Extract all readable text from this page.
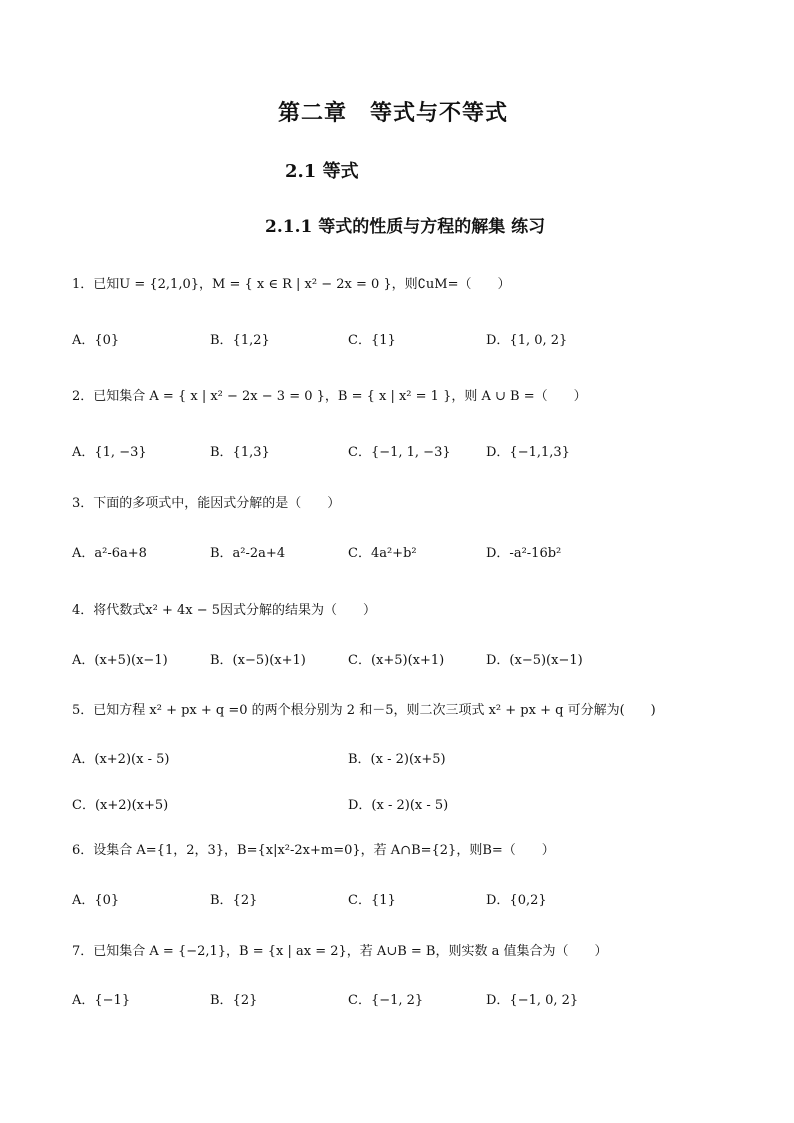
第二章　等式与不等式
2.1 等式
2.1.1 等式的性质与方程的解集 练习
1．已知U = {2,1,0}，M = { x ∈ R | x² − 2x = 0 }，则∁uM=（　　）
A．{0}	B．{1,2}	C．{1}	D．{1, 0, 2}
2．已知集合 A = { x | x² − 2x − 3 = 0 }，B = { x | x² = 1 }，则 A ∪ B =（　　）
A．{1, −3}	B．{1,3}	C．{−1, 1, −3}	D．{−1,1,3}
3．下面的多项式中，能因式分解的是（　　）
A．a²-6a+8	B．a²-2a+4	C．4a²+b²	D．-a²-16b²
4．将代数式x² + 4x − 5因式分解的结果为（　　）
A．(x+5)(x−1)	B．(x−5)(x+1)	C．(x+5)(x+1)	D．(x−5)(x−1)
5．已知方程 x² + px + q =0 的两个根分别为 2 和－5，则二次三项式 x² + px + q 可分解为(　　)
A．(x+2)(x - 5)	B．(x - 2)(x+5)
C．(x+2)(x+5)	D．(x - 2)(x - 5)
6．设集合 A={1，2，3}，B={x|x²-2x+m=0}，若 A∩B={2}，则B=（　　）
A．{0}	B．{2}	C．{1}	D．{0,2}
7．已知集合 A = {−2,1}，B = {x | ax = 2}，若 A∪B = B，则实数 a 值集合为（　　）
A．{−1}	B．{2}	C．{−1, 2}	D．{−1, 0, 2}
